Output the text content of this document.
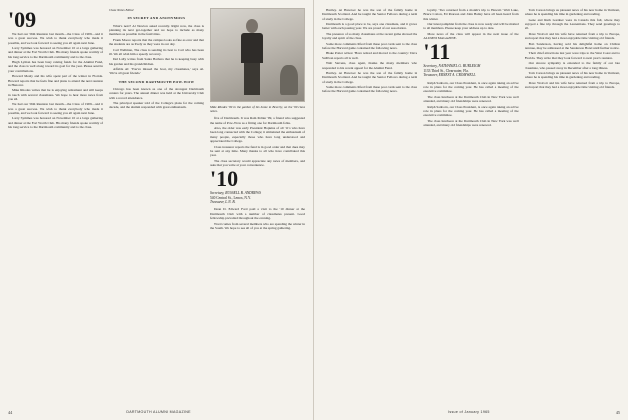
'09

We had our 56th Reunion last month—the Class of 1909—and it was a great success. We wish to thank everybody who made it possible, and we look forward to seeing you all again next June.

Larry Symmes was honored on November 10 at a large gathering and dinner at the Fort Worth Club. His many friends spoke warmly of his long service to the Dartmouth community and to the class.

Hugh Lyman has been busy raising funds for the Alumni Fund, and the class is well along toward its goal for the year. Please send in your contributions.

Howard Mealy and his wife spent part of the winter in Florida. Howard reports that he feels fine and plans to attend the next reunion in Hanover.

Mike Rhodes writes that he is enjoying retirement and still keeps in touch with several classmates. We hope to hear more news from you all.

We had our 56th Reunion last month—the Class of 1909—and it was a great success. We wish to thank everybody who made it possible, and we look forward to seeing you all again next June.

Larry Symmes was honored on November 10 at a large gathering and dinner at the Fort Worth Club. His many friends spoke warmly of his long service to the Dartmouth community and to the class.

Class Notes Editor
IN SECRET AND ANONYMOUS

What's next? Al Newton asked recently. Right now, the class is planning its next get-together and we hope to include as many members as possible in the festivities.

Frank Moore reports that the campus looks as fine as ever and that the students are as lively as they were in our day.

Carl Wellman, The class is sending its best to Carl who has been ill. We all wish him a speedy recovery.

Del Lally writes from Santa Barbara that he is keeping busy with his garden and his grandchildren.

Affable Al: 'You've missed the boat, my classmates,' says Al. 'We're all great friends.'

THE SECOND DARTMOUTH POW-WOW

Chicago has been known as one of the strongest Dartmouth centers for years. The annual dinner was held at the University Club with a record attendance.

The principal speaker told of the College's plans for the coming decade, and the alumni responded with great enthusiasm.	Mike Rhodes '09 in the garden of his home in Beverly, on the '09 class notes.

five of Dartmouth. It was Ram Peltier '09, a friend who suggested the name of Pow-Wow as a fitting one for Dartmouth folks.

Also, the older was early President Hopkins of all '11's who have been long connected with the College; it stimulated the enthusiasm of many people, especially those who have long understood and appreciated the College.

Class treasurer reports the fund is in good order and that dues may be sent at any time. Many thanks to all who have contributed this year.

The class secretary would appreciate any news of members, and asks that you write at your convenience.

'10
Secretary, RUSSELL B. ANDREWS
540 Central St., Lenox, N.Y.
Treasurer, L.N. B.

Dean D. Edward Ford paid a visit to the '10 dinner at the Dartmouth Club with a number of classmates present. Good fellowship prevailed throughout the evening.

Word comes from several members who are spending the winter in the South. We hope to see all of you at the spring gathering.

44	DARTMOUTH ALUMNI MAGAZINE

Hartley. At Hanover he was the son of the family home in Dartmouth Scotland. And he taught the Senior Fellows during a term of study in the College.

Dartmouth is a good place to be, says one classmate, and it grows better with each passing year. We are proud of our association.

The presence of so many classmates at the recent game showed the loyalty and spirit of the class.

Some more comments lifted from these post cards sent to the class before the Harvard game contained the following news.

Blake Potter writes: 'Have retired and moved to the country.' Dave Sullivan reports all is well.

Walt Stevens, class agent, thanks the many members who responded to his recent appeal for the Alumni Fund.

Hartley. At Hanover he was the son of the family home in Dartmouth Scotland. And he taught the Senior Fellows during a term of study in the College.

Some more comments lifted from these post cards sent to the class before the Harvard game contained the following news.

loyalty. 'Two returned from a month's trip to Hawaii.' Walt Lake, Bruce Cotton, Ed Pearson and John Bailey have all been heard from this winter.

Our latest pamphlet from the class is now ready and will be mailed to all members. Please keep your address up to date.

More news of the class will appear in the next issue of the ALUMNI MAGAZINE.

'11
Secretary, NATHANIEL G. BURLEIGH
1133 Third St., Clearwater, Fla.
Treasurer, ERNEST A. CROMWELL

Ralph Sanborn, our Class President, is once again taking an active role in plans for the coming year. He has called a meeting of the executive committee.

The class luncheon at the Dartmouth Club in New York was well attended, and many old friendships were renewed.

Ralph Sanborn, our Class President, is once again taking an active role in plans for the coming year. He has called a meeting of the executive committee.

The class luncheon at the Dartmouth Club in New York was well attended, and many old friendships were renewed.

Tom Carson brings us pleasant news of his new home in Vermont, where he is spending his time in gardening and reading.

Gene and Ruth Gardner were in Canada this fall, where they enjoyed a fine trip through the Laurentians. They send greetings to all.

Dave Wolcott and his wife have returned from a trip to Europe, and report that they had a most enjoyable time visiting old friends.

Bob Sanderson, having sold his delightful home on Chilton Avenue, may be addressed at the Sanderson Hotel until further notice.

Their chief attractions last year were trips to the West Coast and to Florida. They write that they look forward to next year's reunion.

Our sincere sympathy is extended to the family of our late classmate, who passed away in December after a long illness.

Tom Carson brings us pleasant news of his new home in Vermont, where he is spending his time in gardening and reading.

Dave Wolcott and his wife have returned from a trip to Europe, and report that they had a most enjoyable time visiting old friends.

Issue of January 1965	45
